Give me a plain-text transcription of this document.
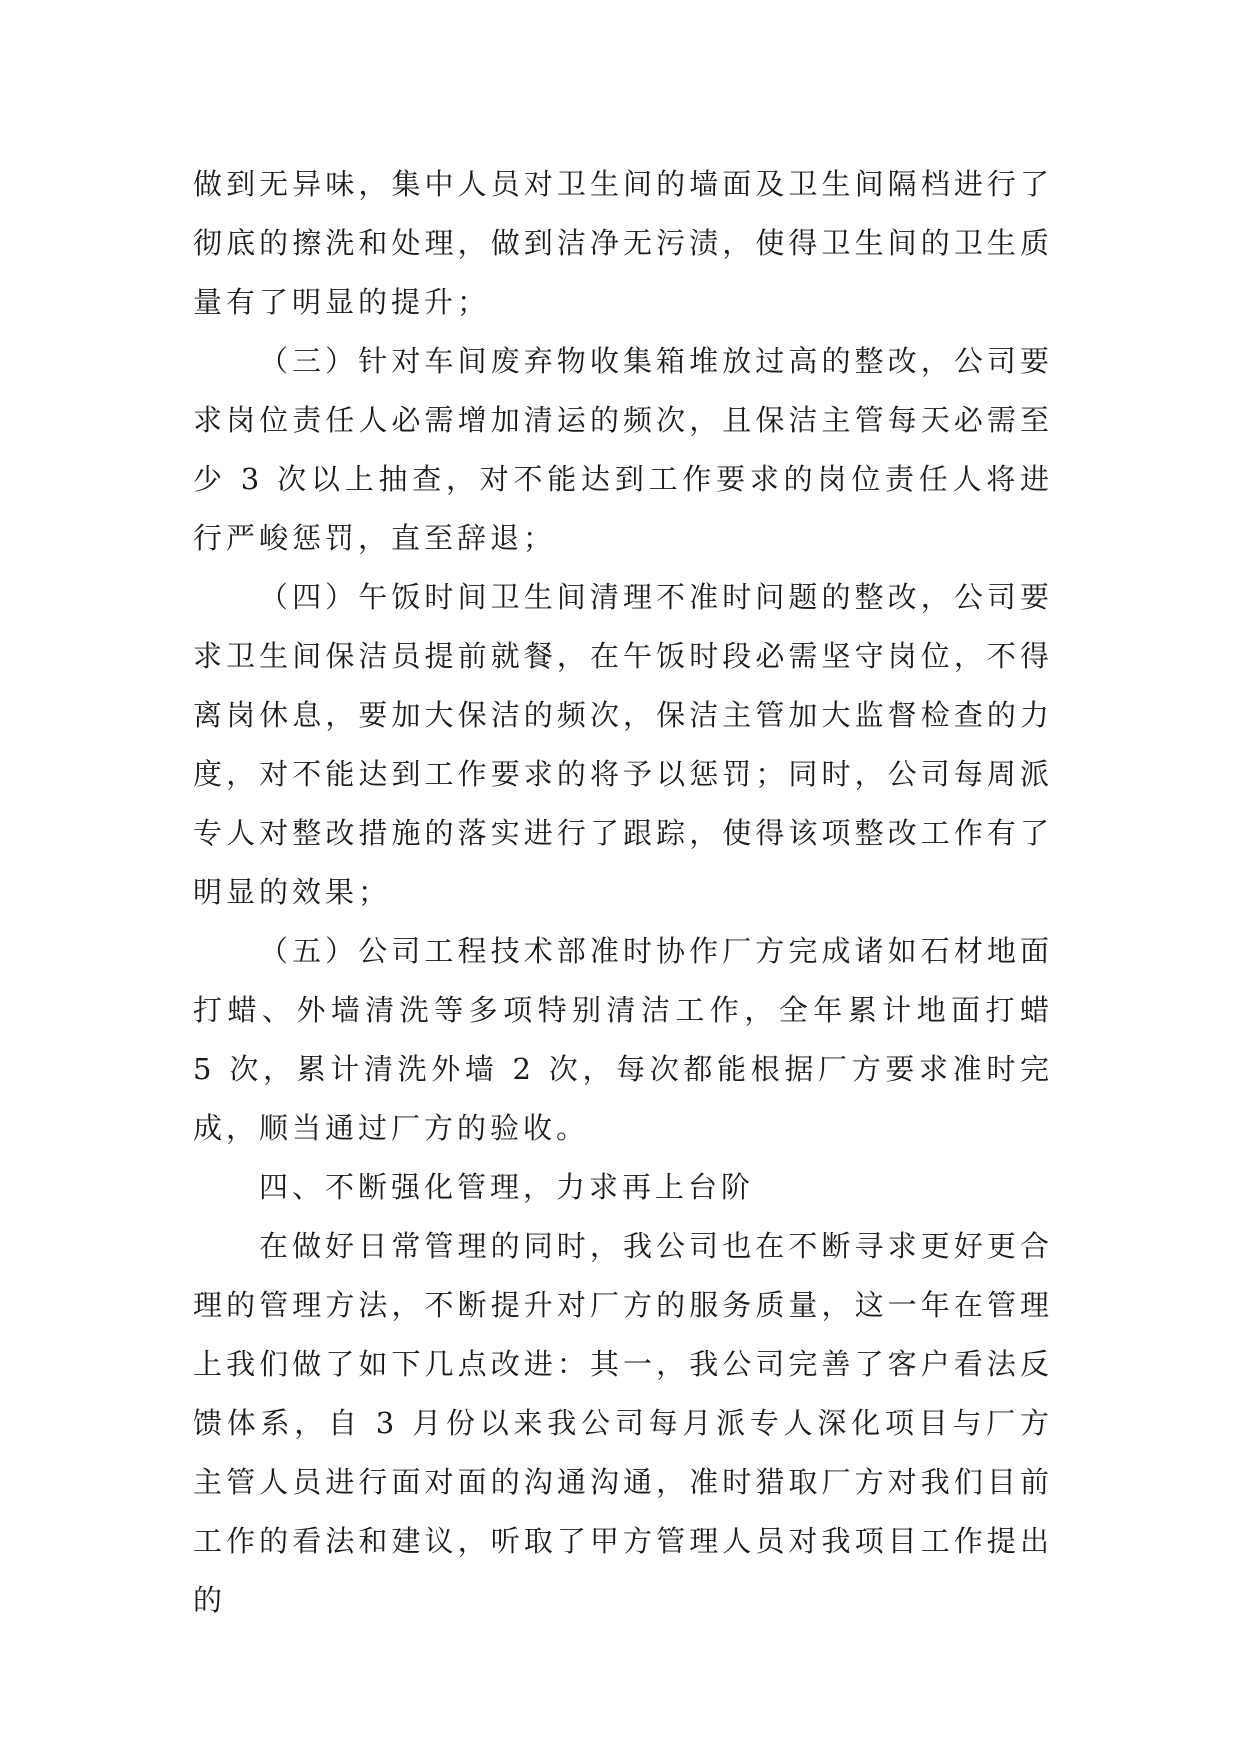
做到无异味，集中人员对卫生间的墙面及卫生间隔档进行了彻底的擦洗和处理，做到洁净无污渍，使得卫生间的卫生质量有了明显的提升；

（三）针对车间废弃物收集箱堆放过高的整改，公司要求岗位责任人必需增加清运的频次，且保洁主管每天必需至少 3 次以上抽查，对不能达到工作要求的岗位责任人将进行严峻惩罚，直至辞退；

（四）午饭时间卫生间清理不准时问题的整改，公司要求卫生间保洁员提前就餐，在午饭时段必需坚守岗位，不得离岗休息，要加大保洁的频次，保洁主管加大监督检查的力度，对不能达到工作要求的将予以惩罚；同时，公司每周派专人对整改措施的落实进行了跟踪，使得该项整改工作有了明显的效果；

（五）公司工程技术部准时协作厂方完成诸如石材地面打蜡、外墙清洗等多项特别清洁工作，全年累计地面打蜡 5 次，累计清洗外墙 2 次，每次都能根据厂方要求准时完成，顺当通过厂方的验收。

四、不断强化管理，力求再上台阶

在做好日常管理的同时，我公司也在不断寻求更好更合理的管理方法，不断提升对厂方的服务质量，这一年在管理上我们做了如下几点改进：其一，我公司完善了客户看法反馈体系，自 3 月份以来我公司每月派专人深化项目与厂方主管人员进行面对面的沟通沟通，准时猎取厂方对我们目前工作的看法和建议，听取了甲方管理人员对我项目工作提出的
